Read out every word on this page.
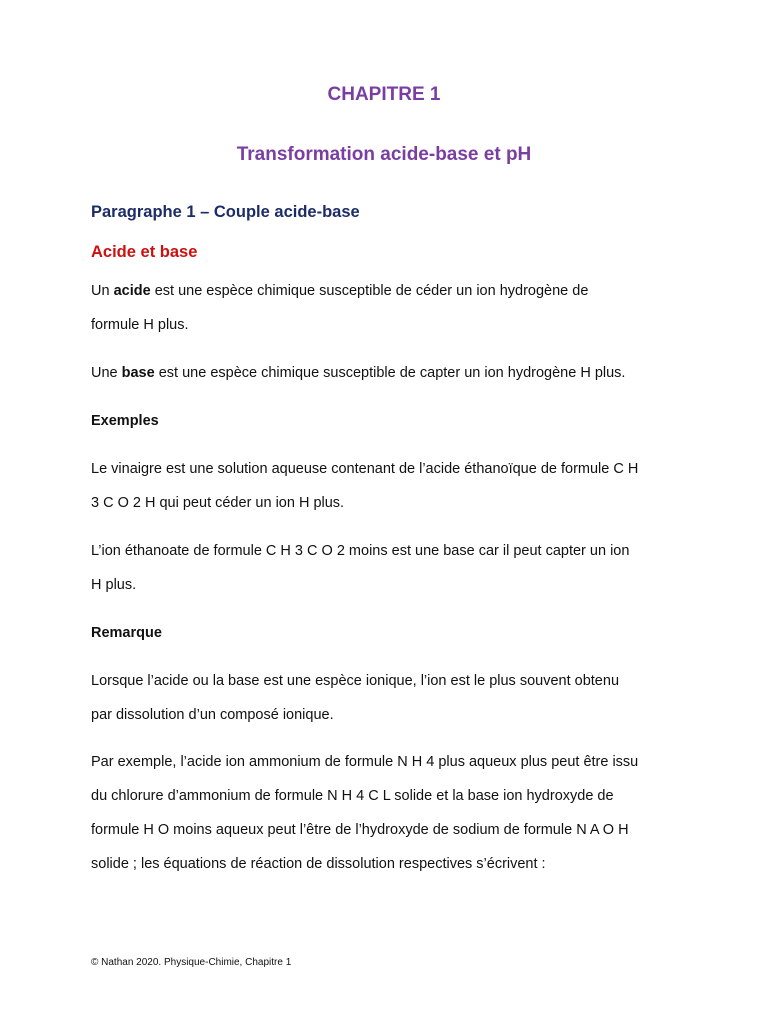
CHAPITRE 1
Transformation acide-base et pH
Paragraphe 1 – Couple acide-base
Acide et base
Un acide est une espèce chimique susceptible de céder un ion hydrogène de
formule H plus.
Une base est une espèce chimique susceptible de capter un ion hydrogène H plus.
Exemples
Le vinaigre est une solution aqueuse contenant de l’acide éthanoïque de formule C H
3 C O 2 H qui peut céder un ion H plus.
L’ion éthanoate de formule C H 3 C O 2 moins est une base car il peut capter un ion
H plus.
Remarque
Lorsque l’acide ou la base est une espèce ionique, l’ion est le plus souvent obtenu
par dissolution d’un composé ionique.
Par exemple, l’acide ion ammonium de formule N H 4 plus aqueux plus peut être issu
du chlorure d’ammonium de formule N H 4 C L solide et la base ion hydroxyde de
formule H O moins aqueux peut l’être de l’hydroxyde de sodium de formule N A O H
solide ; les équations de réaction de dissolution respectives s’écrivent :
© Nathan 2020. Physique-Chimie, Chapitre 1
